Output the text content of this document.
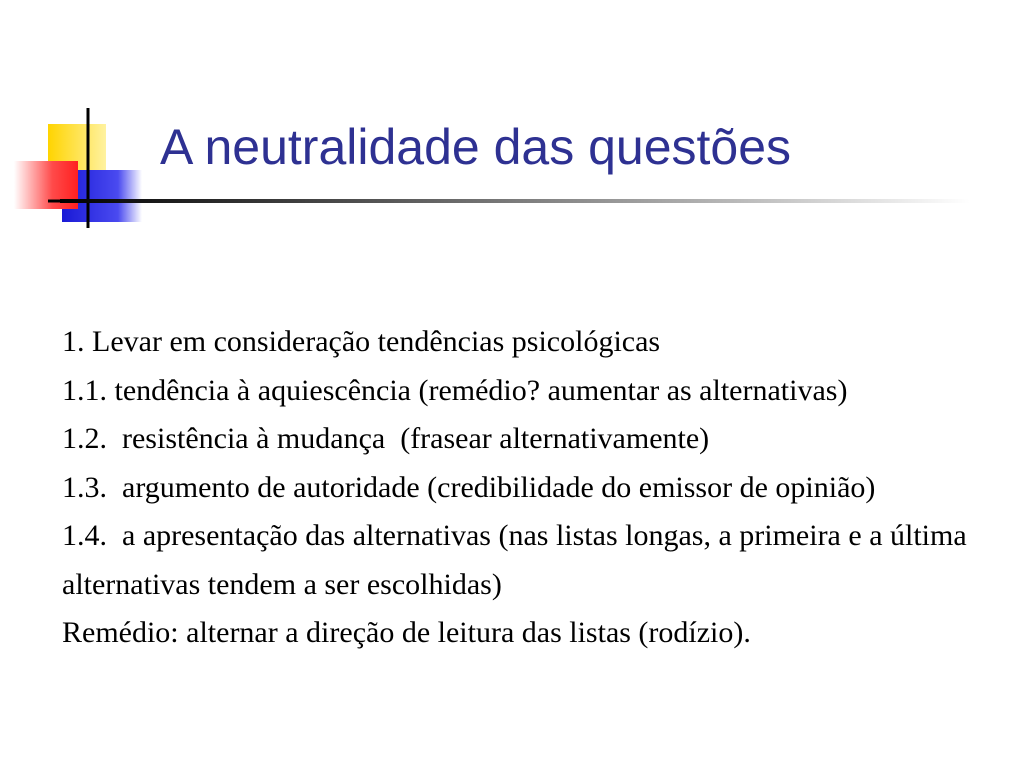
A neutralidade das questões
1. Levar em consideração tendências psicológicas
1.1. tendência à aquiescência (remédio? aumentar as alternativas)
1.2.  resistência à mudança  (frasear alternativamente)
1.3.  argumento de autoridade (credibilidade do emissor de opinião)
1.4.  a apresentação das alternativas (nas listas longas, a primeira e a última alternativas tendem a ser escolhidas)
Remédio: alternar a direção de leitura das listas (rodízio).
